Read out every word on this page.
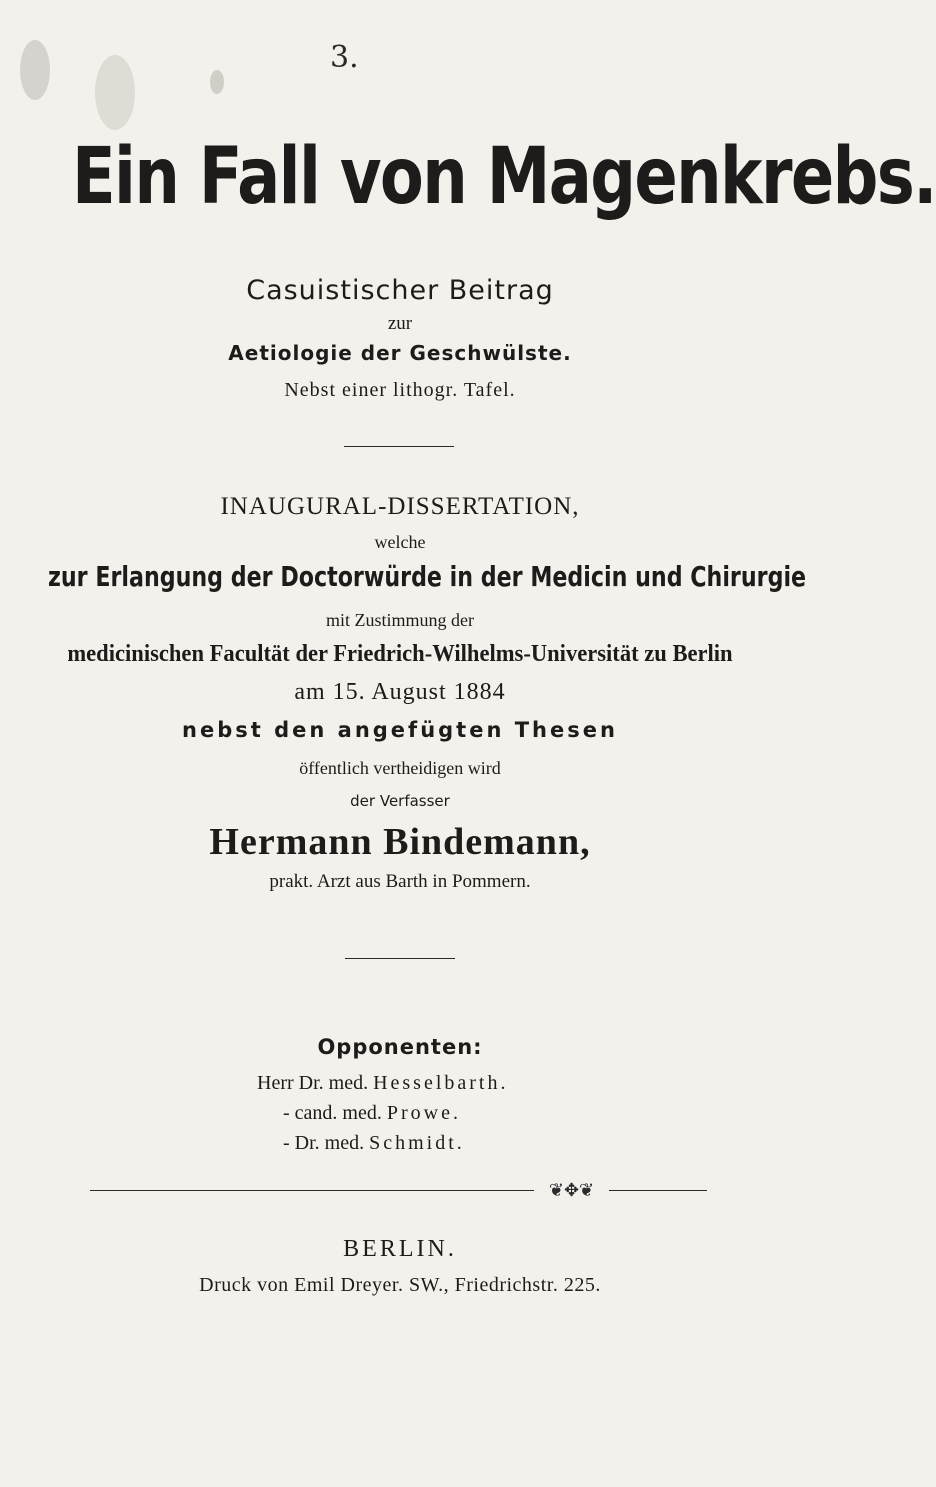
3.
Ein Fall von Magenkrebs.
Casuistischer Beitrag
zur
Aetiologie der Geschwülste.
Nebst einer lithogr. Tafel.
INAUGURAL-DISSERTATION,
welche
zur Erlangung der Doctorwürde in der Medicin und Chirurgie
mit Zustimmung der
medicinischen Facultät der Friedrich-Wilhelms-Universität zu Berlin
am 15. August 1884
nebst den angefügten Thesen
öffentlich vertheidigen wird
der Verfasser
Hermann Bindemann,
prakt. Arzt aus Barth in Pommern.
Opponenten:
Herr Dr. med. Hesselbarth.
- cand. med. Prowe.
- Dr. med. Schmidt.
❦✥❦
BERLIN.
Druck von Emil Dreyer. SW., Friedrichstr. 225.
